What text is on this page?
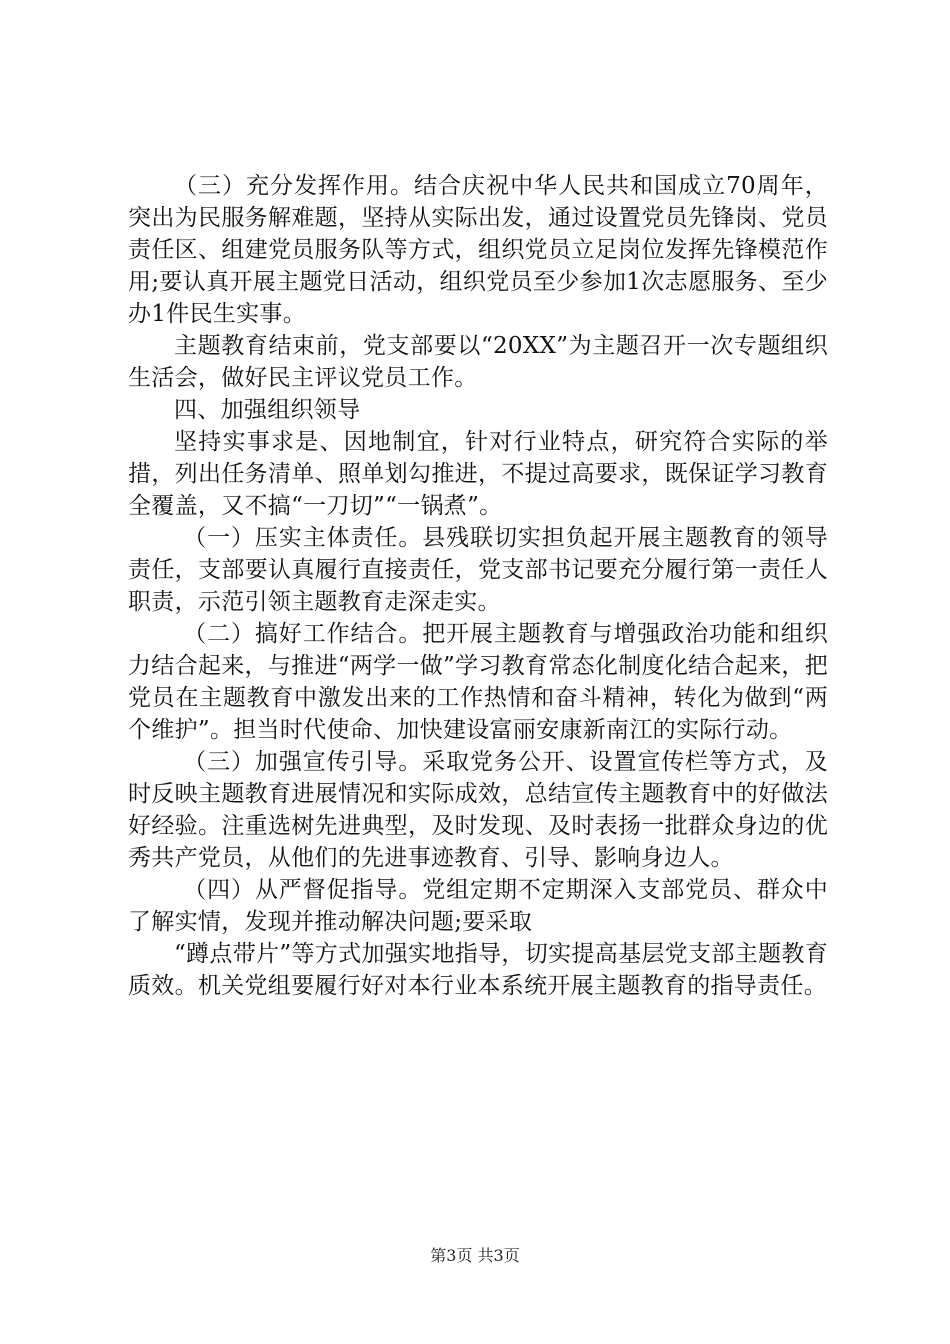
（三）充分发挥作用。结合庆祝中华人民共和国成立70周年，突出为民服务解难题，坚持从实际出发，通过设置党员先锋岗、党员责任区、组建党员服务队等方式，组织党员立足岗位发挥先锋模范作用;要认真开展主题党日活动，组织党员至少参加1次志愿服务、至少办1件民生实事。

主题教育结束前，党支部要以“20XX”为主题召开一次专题组织生活会，做好民主评议党员工作。

四、加强组织领导

坚持实事求是、因地制宜，针对行业特点，研究符合实际的举措，列出任务清单、照单划勾推进，不提过高要求，既保证学习教育全覆盖，又不搞“一刀切”“一锅煮”。

（一）压实主体责任。县残联切实担负起开展主题教育的领导责任，支部要认真履行直接责任，党支部书记要充分履行第一责任人职责，示范引领主题教育走深走实。

（二）搞好工作结合。把开展主题教育与增强政治功能和组织力结合起来，与推进“两学一做”学习教育常态化制度化结合起来，把党员在主题教育中激发出来的工作热情和奋斗精神，转化为做到“两个维护”。担当时代使命、加快建设富丽安康新南江的实际行动。

（三）加强宣传引导。采取党务公开、设置宣传栏等方式，及时反映主题教育进展情况和实际成效，总结宣传主题教育中的好做法好经验。注重选树先进典型，及时发现、及时表扬一批群众身边的优秀共产党员，从他们的先进事迹教育、引导、影响身边人。

（四）从严督促指导。党组定期不定期深入支部党员、群众中了解实情，发现并推动解决问题;要采取

“蹲点带片”等方式加强实地指导，切实提高基层党支部主题教育质效。机关党组要履行好对本行业本系统开展主题教育的指导责任。

第3页 共3页
